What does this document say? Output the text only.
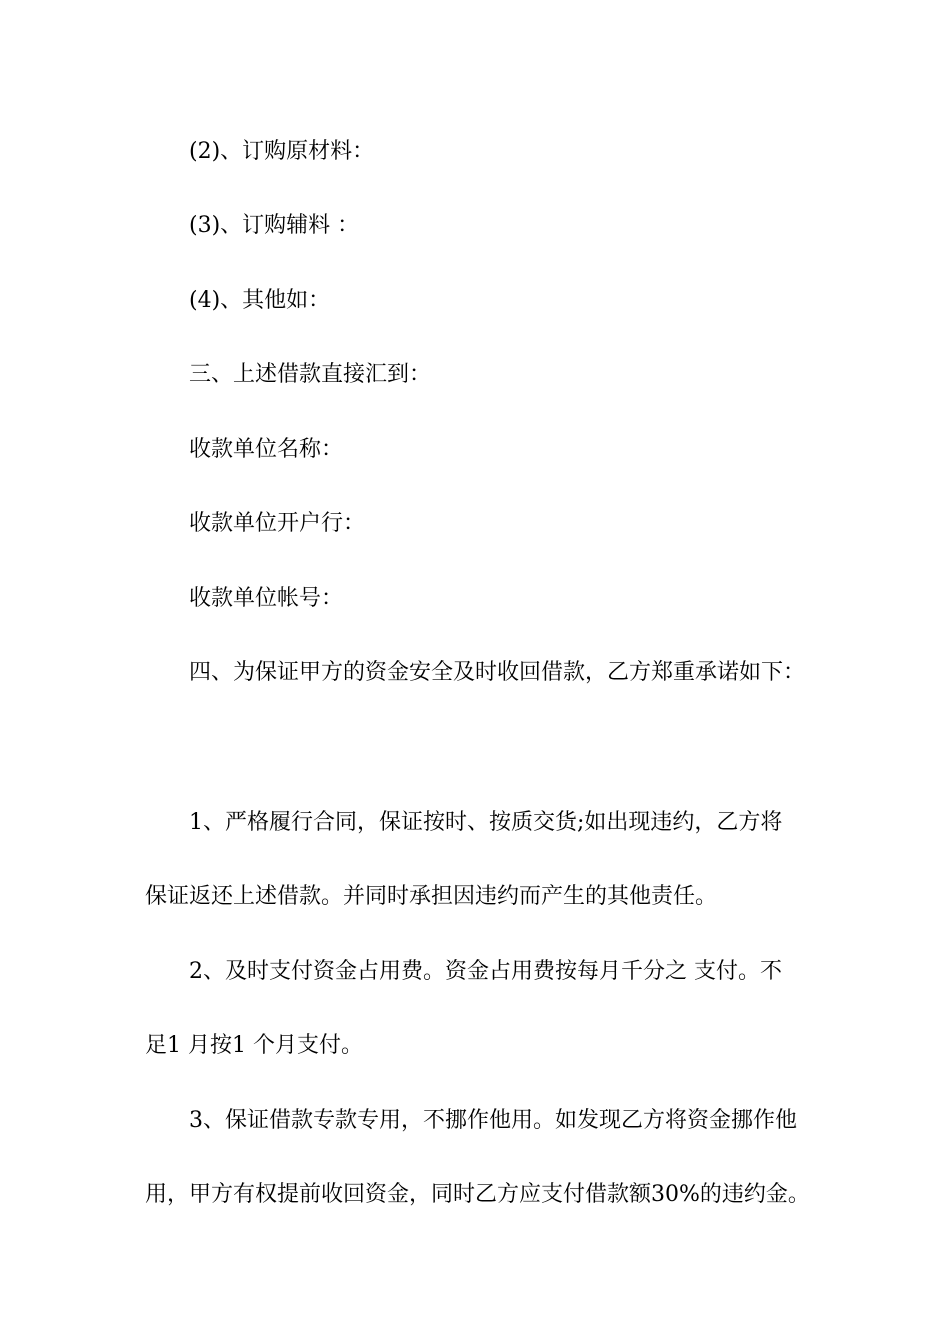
(2)、订购原材料：
(3)、订购辅料 ：
(4)、其他如：
三、上述借款直接汇到：
收款单位名称：
收款单位开户行：
收款单位帐号：
四、为保证甲方的资金安全及时收回借款，乙方郑重承诺如下：
1、严格履行合同，保证按时、按质交货;如出现违约，乙方将
保证返还上述借款。并同时承担因违约而产生的其他责任。
2、及时支付资金占用费。资金占用费按每月千分之 支付。不
足1 月按1 个月支付。
3、保证借款专款专用，不挪作他用。如发现乙方将资金挪作他
用，甲方有权提前收回资金，同时乙方应支付借款额30%的违约金。
